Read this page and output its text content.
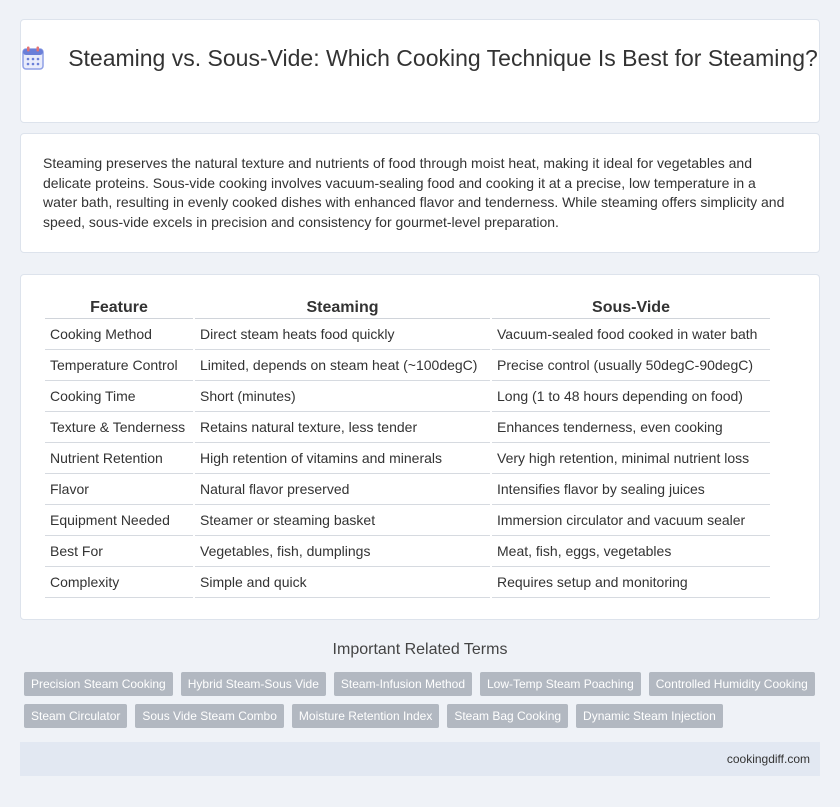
Steaming vs. Sous-Vide: Which Cooking Technique Is Best for Steaming?

Steaming preserves the natural texture and nutrients of food through moist heat, making it ideal for vegetables and delicate proteins. Sous-vide cooking involves vacuum-sealing food and cooking it at a precise, low temperature in a water bath, resulting in evenly cooked dishes with enhanced flavor and tenderness. While steaming offers simplicity and speed, sous-vide excels in precision and consistency for gourmet-level preparation.

Feature	Steaming	Sous-Vide
Cooking Method	Direct steam heats food quickly	Vacuum-sealed food cooked in water bath
Temperature Control	Limited, depends on steam heat (~100degC)	Precise control (usually 50degC-90degC)
Cooking Time	Short (minutes)	Long (1 to 48 hours depending on food)
Texture & Tenderness	Retains natural texture, less tender	Enhances tenderness, even cooking
Nutrient Retention	High retention of vitamins and minerals	Very high retention, minimal nutrient loss
Flavor	Natural flavor preserved	Intensifies flavor by sealing juices
Equipment Needed	Steamer or steaming basket	Immersion circulator and vacuum sealer
Best For	Vegetables, fish, dumplings	Meat, fish, eggs, vegetables
Complexity	Simple and quick	Requires setup and monitoring
Important Related Terms
Precision Steam Cooking	Hybrid Steam-Sous Vide	Steam-Infusion Method	Low-Temp Steam Poaching	Controlled Humidity Cooking
Steam Circulator	Sous Vide Steam Combo	Moisture Retention Index	Steam Bag Cooking	Dynamic Steam Injection
cookingdiff.com
